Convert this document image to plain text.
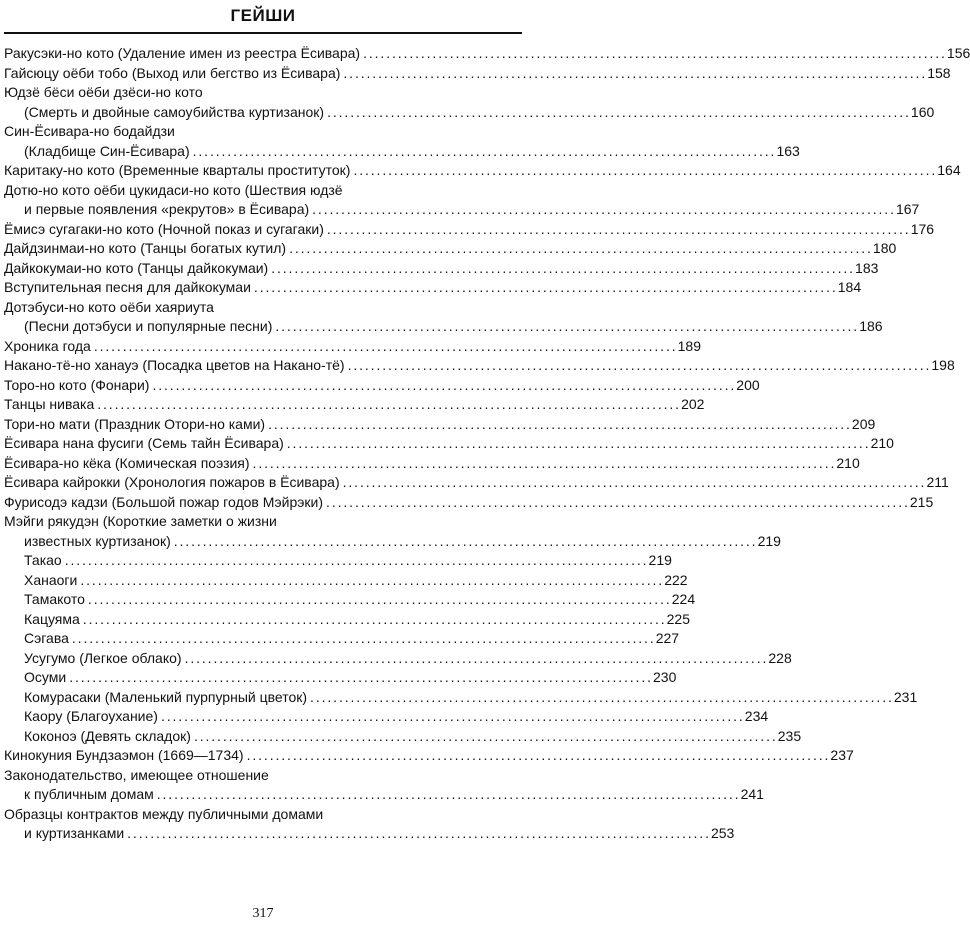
ГЕЙШИ
Ракусэки-но кото (Удаление имен из реестра Ёсивара) . . .	156
Гайсюцу оёби тобо (Выход или бегство из Ёсивара) . . .	158
Юдзё бёси оёби дзёси-но кото
(Смерть и двойные самоубийства куртизанок) . . .	160
Син-Ёсивара-но бодайдзи
(Кладбище Син-Ёсивара) . . .	163
Каритаку-но кото (Временные кварталы проституток) . . .	164
Дотю-но кото оёби цукидаси-но кото (Шествия юдзё
и первые появления «рекрутов» в Ёсивара) . . .	167
Ёмисэ сугагаки-но кото (Ночной показ и сугагаки) . . .	176
Дайдзинмаи-но кото (Танцы богатых кутил) . . .	180
Дайкокумаи-но кото (Танцы дайкокумаи) . . .	183
Вступительная песня для дайкокумаи . . .	184
Дотэбуси-но кото оёби хаяриута
(Песни дотэбуси и популярные песни) . . .	186
Хроника года . . .	189
Накано-тё-но ханауэ (Посадка цветов на Накано-тё) . . .	198
Торо-но кото (Фонари) . . .	200
Танцы нивака . . .	202
Тори-но мати (Праздник Отори-но ками) . . .	209
Ёсивара нана фусиги (Семь тайн Ёсивара) . . .	210
Ёсивара-но кёка (Комическая поэзия) . . .	210
Ёсивара кайрокки (Хронология пожаров в Ёсивара) . . .	211
Фурисодэ кадзи (Большой пожар годов Мэйрэки) . . .	215
Мэйги рякудэн (Короткие заметки о жизни
известных куртизанок) . . .	219
Такао . . .	219
Ханаоги . . .	222
Тамакото . . .	224
Кацуяма . . .	225
Сэгава . . .	227
Усугумо (Легкое облако) . . .	228
Осуми . . .	230
Комурасаки (Маленький пурпурный цветок) . . .	231
Каору (Благоухание) . . .	234
Коконоэ (Девять складок) . . .	235
Кинокуния Бундзаэмон (1669—1734) . . .	237
Законодательство, имеющее отношение
к публичным домам . . .	241
Образцы контрактов между публичными домами
и куртизанками . . .	253
317
